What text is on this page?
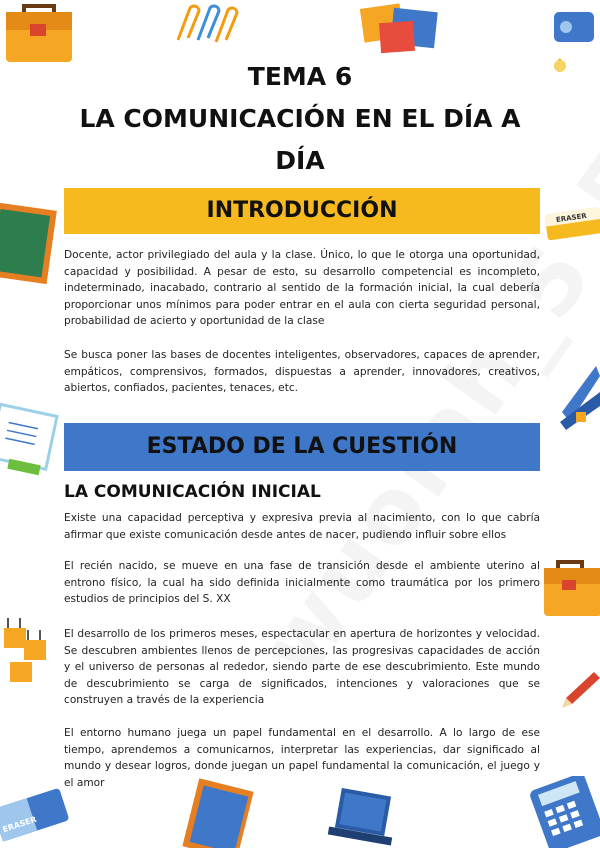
ERASER
ERASER
TEMA 6
LA COMUNICACIÓN EN EL DÍA A
DÍA
INTRODUCCIÓN

Docente, actor privilegiado del aula y la clase. Único, lo que le otorga una oportunidad, capacidad y posibilidad. A pesar de esto, su desarrollo competencial es incompleto, indeterminado, inacabado, contrario al sentido de la formación inicial, la cual debería proporcionar unos mínimos para poder entrar en el aula con cierta seguridad personal, probabilidad de acierto y oportunidad de la clase

Se busca poner las bases de docentes inteligentes, observadores, capaces de aprender, empáticos, comprensivos, formados, dispuestas a aprender, innovadores, creativos, abiertos, confiados, pacientes, tenaces, etc.

ESTADO DE LA CUESTIÓN
LA COMUNICACIÓN INICIAL

Existe una capacidad perceptiva y expresiva previa al nacimiento, con lo que cabría afirmar que existe comunicación desde antes de nacer, pudiendo influir sobre ellos

El recién nacido, se mueve en una fase de transición desde el ambiente uterino al entrono físico, la cual ha sido definida inicialmente como traumática por los primero estudios de principios del S. XX

El desarrollo de los primeros meses, espectacular en apertura de horizontes y velocidad. Se descubren ambientes llenos de percepciones, las progresivas capacidades de acción y el universo de personas al rededor, siendo parte de ese descubrimiento. Este mundo de descubrimiento se carga de significados, intenciones y valoraciones que se construyen a través de la experiencia

El entorno humano juega un papel fundamental en el desarrollo. A lo largo de ese tiempo, aprendemos a comunicarnos, interpretar las experiencias, dar significado al mundo y desear logros, donde juegan un papel fundamental la comunicación, el juego y el amor
